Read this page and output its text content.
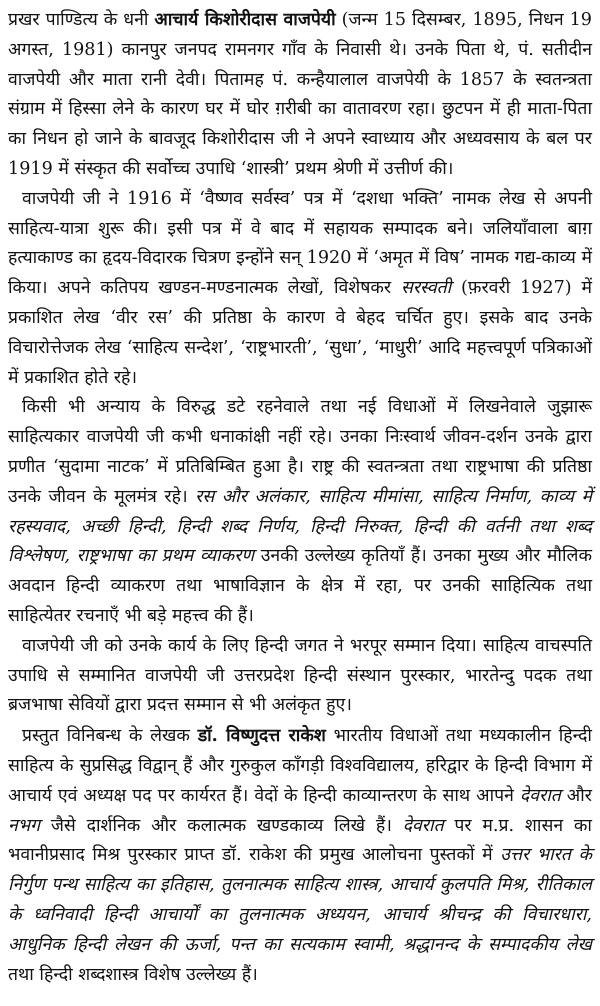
प्रखर पाण्डित्य के धनी आचार्य किशोरीदास वाजपेयी (जन्म 15 दिसम्बर, 1895, निधन 19 अगस्त, 1981) कानपुर जनपद रामनगर गाँव के निवासी थे। उनके पिता थे, पं. सतीदीन वाजपेयी और माता रानी देवी। पितामह पं. कन्हैयालाल वाजपेयी के 1857 के स्वतन्त्रता संग्राम में हिस्सा लेने के कारण घर में घोर ग़रीबी का वातावरण रहा। छुटपन में ही माता-पिता का निधन हो जाने के बावजूद किशोरीदास जी ने अपने स्वाध्याय और अध्यवसाय के बल पर 1919 में संस्कृत की सर्वोच्च उपाधि ‘शास्त्री’ प्रथम श्रेणी में उत्तीर्ण की।

वाजपेयी जी ने 1916 में ‘वैष्णव सर्वस्व’ पत्र में ‘दशधा भक्ति’ नामक लेख से अपनी साहित्य-यात्रा शुरू की। इसी पत्र में वे बाद में सहायक सम्पादक बने। जलियाँवाला बाग़ हत्याकाण्ड का हृदय-विदारक चित्रण इन्होंने सन् 1920 में ‘अमृत में विष’ नामक गद्य-काव्य में किया। अपने कतिपय खण्डन-मण्डनात्मक लेखों, विशेषकर सरस्वती (फ़रवरी 1927) में प्रकाशित लेख ‘वीर रस’ की प्रतिष्ठा के कारण वे बेहद चर्चित हुए। इसके बाद उनके विचारोत्तेजक लेख ‘साहित्य सन्देश’, ‘राष्ट्रभारती’, ‘सुधा’, ‘माधुरी’ आदि महत्त्वपूर्ण पत्रिकाओं में प्रकाशित होते रहे।

किसी भी अन्याय के विरुद्ध डटे रहनेवाले तथा नई विधाओं में लिखनेवाले जुझारू साहित्यकार वाजपेयी जी कभी धनाकांक्षी नहीं रहे। उनका निःस्वार्थ जीवन-दर्शन उनके द्वारा प्रणीत ‘सुदामा नाटक’ में प्रतिबिम्बित हुआ है। राष्ट्र की स्वतन्त्रता तथा राष्ट्रभाषा की प्रतिष्ठा उनके जीवन के मूलमंत्र रहे। रस और अलंकार, साहित्य मीमांसा, साहित्य निर्माण, काव्य में रहस्यवाद, अच्छी हिन्दी, हिन्दी शब्द निर्णय, हिन्दी निरुक्त, हिन्दी की वर्तनी तथा शब्द विश्लेषण, राष्ट्रभाषा का प्रथम व्याकरण उनकी उल्लेख्य कृतियाँ हैं। उनका मुख्य और मौलिक अवदान हिन्दी व्याकरण तथा भाषाविज्ञान के क्षेत्र में रहा, पर उनकी साहित्यिक तथा साहित्येतर रचनाएँ भी बड़े महत्त्व की हैं।

वाजपेयी जी को उनके कार्य के लिए हिन्दी जगत ने भरपूर सम्मान दिया। साहित्य वाचस्पति उपाधि से सम्मानित वाजपेयी जी उत्तरप्रदेश हिन्दी संस्थान पुरस्कार, भारतेन्दु पदक तथा ब्रजभाषा सेवियों द्वारा प्रदत्त सम्मान से भी अलंकृत हुए।

प्रस्तुत विनिबन्ध के लेखक डॉ. विष्णुदत्त राकेश भारतीय विधाओं तथा मध्यकालीन हिन्दी साहित्य के सुप्रसिद्ध विद्वान् हैं और गुरुकुल काँगड़ी विश्वविद्यालय, हरिद्वार के हिन्दी विभाग में आचार्य एवं अध्यक्ष पद पर कार्यरत हैं। वेदों के हिन्दी काव्यान्तरण के साथ आपने देवरात और नभग जैसे दार्शनिक और कलात्मक खण्डकाव्य लिखे हैं। देवरात पर म.प्र. शासन का भवानीप्रसाद मिश्र पुरस्कार प्राप्त डॉ. राकेश की प्रमुख आलोचना पुस्तकों में उत्तर भारत के निर्गुण पन्थ साहित्य का इतिहास, तुलनात्मक साहित्य शास्त्र, आचार्य कुलपति मिश्र, रीतिकाल के ध्वनिवादी हिन्दी आचार्यों का तुलनात्मक अध्ययन, आचार्य श्रीचन्द्र की विचारधारा, आधुनिक हिन्दी लेखन की ऊर्जा, पन्त का सत्यकाम स्वामी, श्रद्धानन्द के सम्पादकीय लेख तथा हिन्दी शब्दशास्त्र विशेष उल्लेख्य हैं।
